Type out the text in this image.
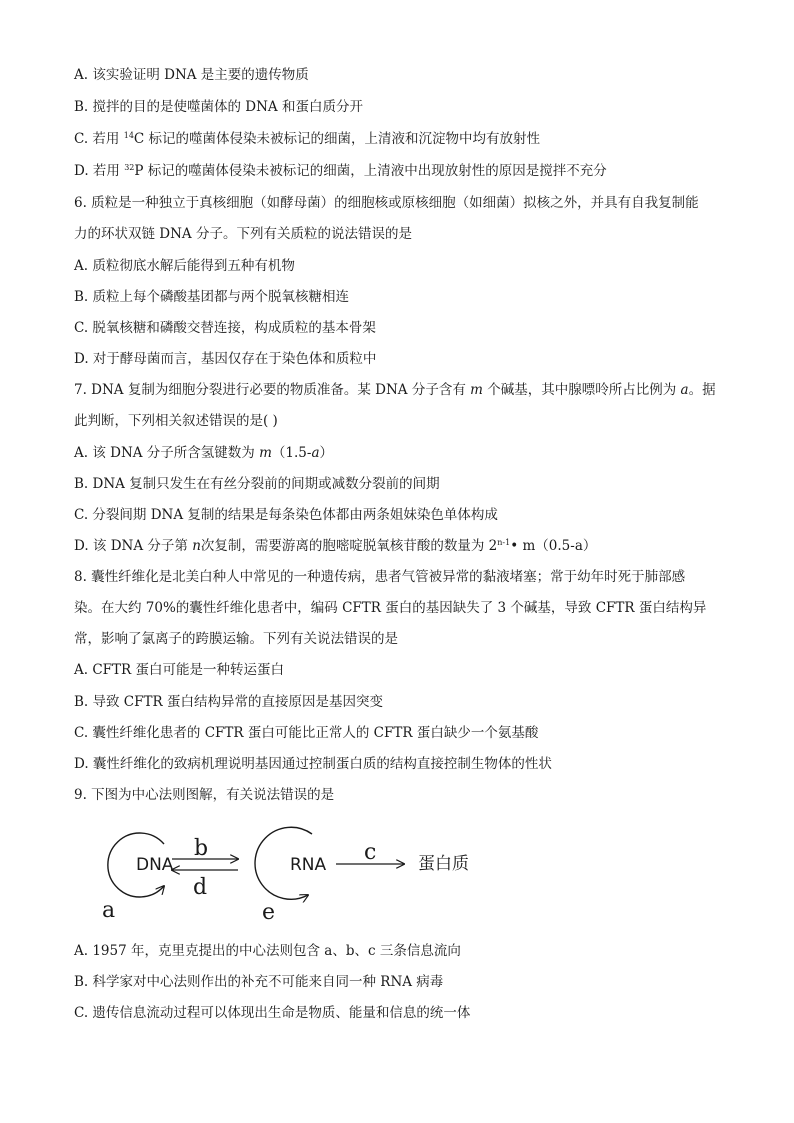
A. 该实验证明 DNA 是主要的遗传物质
B. 搅拌的目的是使噬菌体的 DNA 和蛋白质分开
C. 若用 $^{14}$C 标记的噬菌体侵染未被标记的细菌，上清液和沉淀物中均有放射性
D. 若用 $^{32}$P 标记的噬菌体侵染未被标记的细菌，上清液中出现放射性的原因是搅拌不充分
6. 质粒是一种独立于真核细胞（如酵母菌）的细胞核或原核细胞（如细菌）拟核之外，并具有自我复制能
力的环状双链 DNA 分子。下列有关质粒的说法错误的是
A. 质粒彻底水解后能得到五种有机物
B. 质粒上每个磷酸基团都与两个脱氧核糖相连
C. 脱氧核糖和磷酸交替连接，构成质粒的基本骨架
D. 对于酵母菌而言，基因仅存在于染色体和质粒中
7. DNA 复制为细胞分裂进行必要的物质准备。某 DNA 分子含有 m 个碱基，其中腺嘌呤所占比例为 a。据
此判断，下列相关叙述错误的是( )
A. 该 DNA 分子所含氢键数为 m（1.5-a）
B. DNA 复制只发生在有丝分裂前的间期或减数分裂前的间期
C. 分裂间期 DNA 复制的结果是每条染色体都由两条姐妹染色单体构成
D. 该 DNA 分子第 n次复制，需要游离的胞嘧啶脱氧核苷酸的数量为 2$^{n-1}$• m（0.5-a）
8. 囊性纤维化是北美白种人中常见的一种遗传病，患者气管被异常的黏液堵塞；常于幼年时死于肺部感
染。在大约 70%的囊性纤维化患者中，编码 CFTR 蛋白的基因缺失了 3 个碱基，导致 CFTR 蛋白结构异
常，影响了氯离子的跨膜运输。下列有关说法错误的是
A. CFTR 蛋白可能是一种转运蛋白
B. 导致 CFTR 蛋白结构异常的直接原因是基因突变
C. 囊性纤维化患者的 CFTR 蛋白可能比正常人的 CFTR 蛋白缺少一个氨基酸
D. 囊性纤维化的致病机理说明基因通过控制蛋白质的结构直接控制生物体的性状
9. 下图为中心法则图解，有关说法错误的是
DNA
a
b
d
RNA
e
c 蛋白质
A. 1957 年，克里克提出的中心法则包含 a、b、c 三条信息流向
B. 科学家对中心法则作出的补充不可能来自同一种 RNA 病毒
C. 遗传信息流动过程可以体现出生命是物质、能量和信息的统一体
